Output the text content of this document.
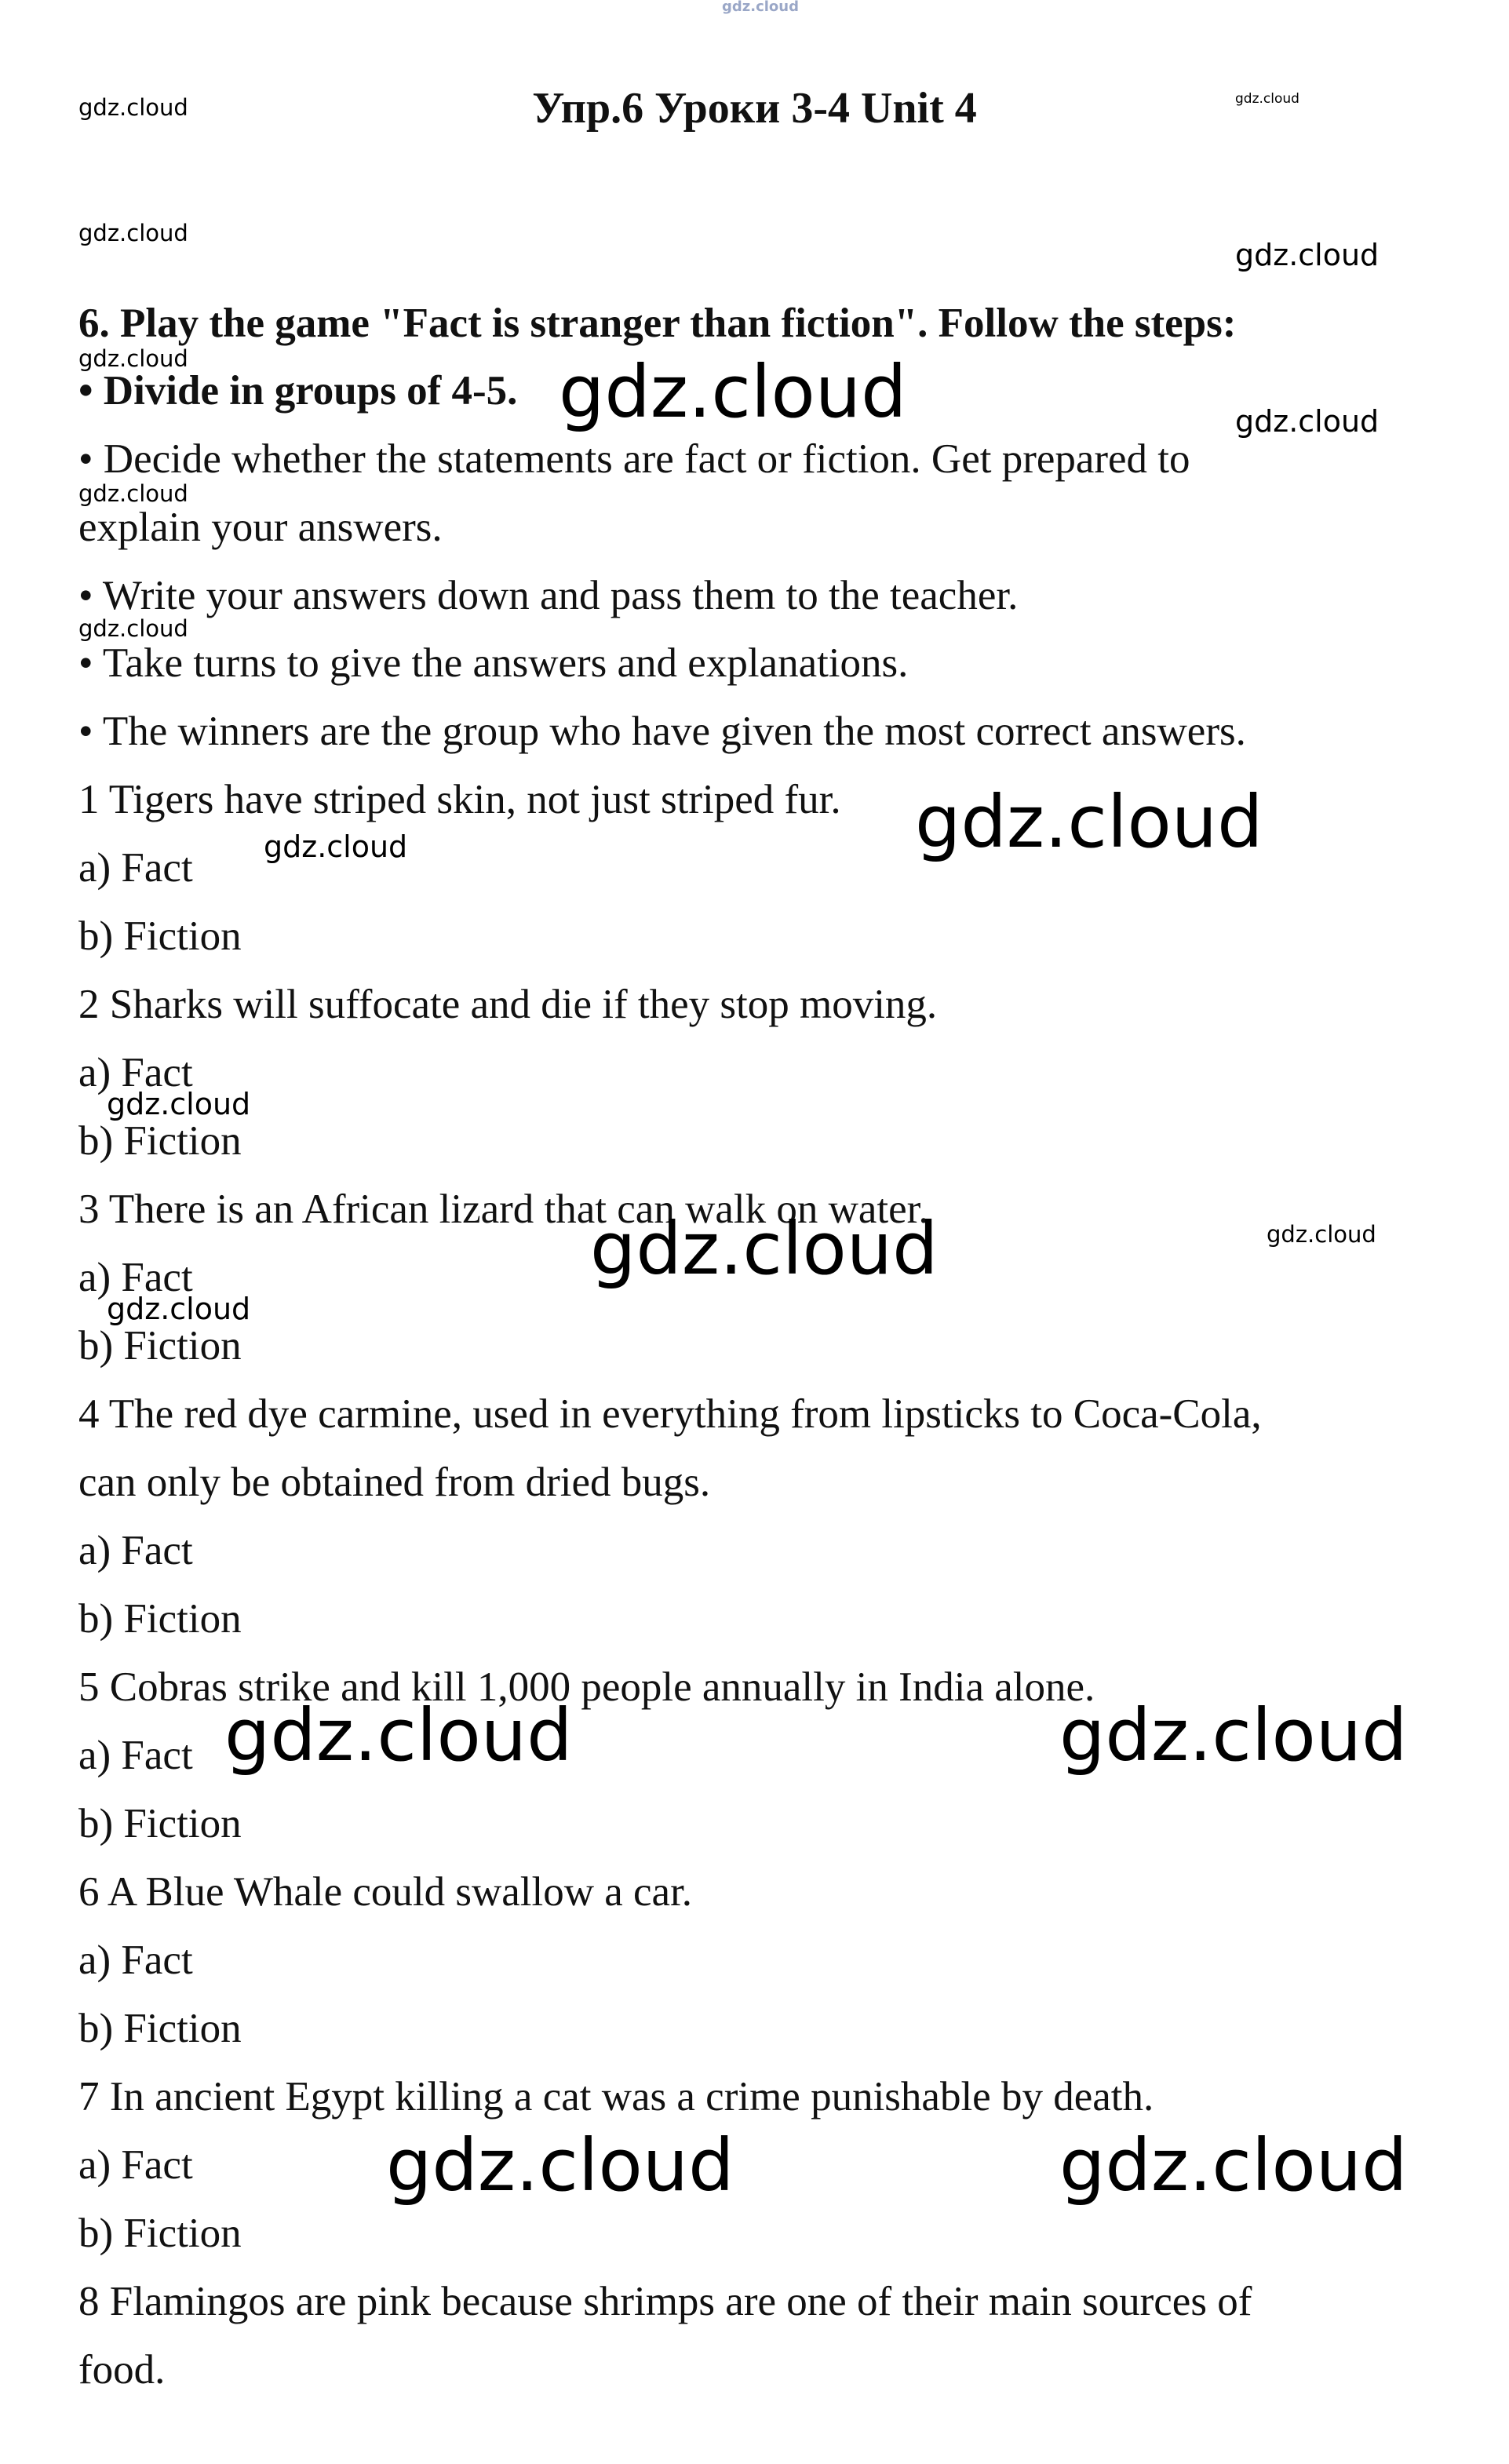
Упр.6 Уроки 3-4 Unit 4
6. Play the game "Fact is stranger than fiction". Follow the steps:
• Divide in groups of 4-5.
• Decide whether the statements are fact or fiction. Get prepared to
explain your answers.
• Write your answers down and pass them to the teacher.
• Take turns to give the answers and explanations.
• The winners are the group who have given the most correct answers.
1 Tigers have striped skin, not just striped fur.
a) Fact
b) Fiction
2 Sharks will suffocate and die if they stop moving.
a) Fact
b) Fiction
3 There is an African lizard that can walk on water.
a) Fact
b) Fiction
4 The red dye carmine, used in everything from lipsticks to Coca-Cola,
can only be obtained from dried bugs.
a) Fact
b) Fiction
5 Cobras strike and kill 1,000 people annually in India alone.
a) Fact
b) Fiction
6 A Blue Whale could swallow a car.
a) Fact
b) Fiction
7 In ancient Egypt killing a cat was a crime punishable by death.
a) Fact
b) Fiction
8 Flamingos are pink because shrimps are one of their main sources of
food.
gdz.cloud
gdz.cloud	gdz.cloud
gdz.cloud
gdz.cloud
gdz.cloud	gdz.cloud	gdz.cloud
gdz.cloud
gdz.cloud
gdz.cloud
gdz.cloud
gdz.cloud
gdz.cloud	gdz.cloud
gdz.cloud
gdz.cloud	gdz.cloud
gdz.cloud	gdz.cloud
